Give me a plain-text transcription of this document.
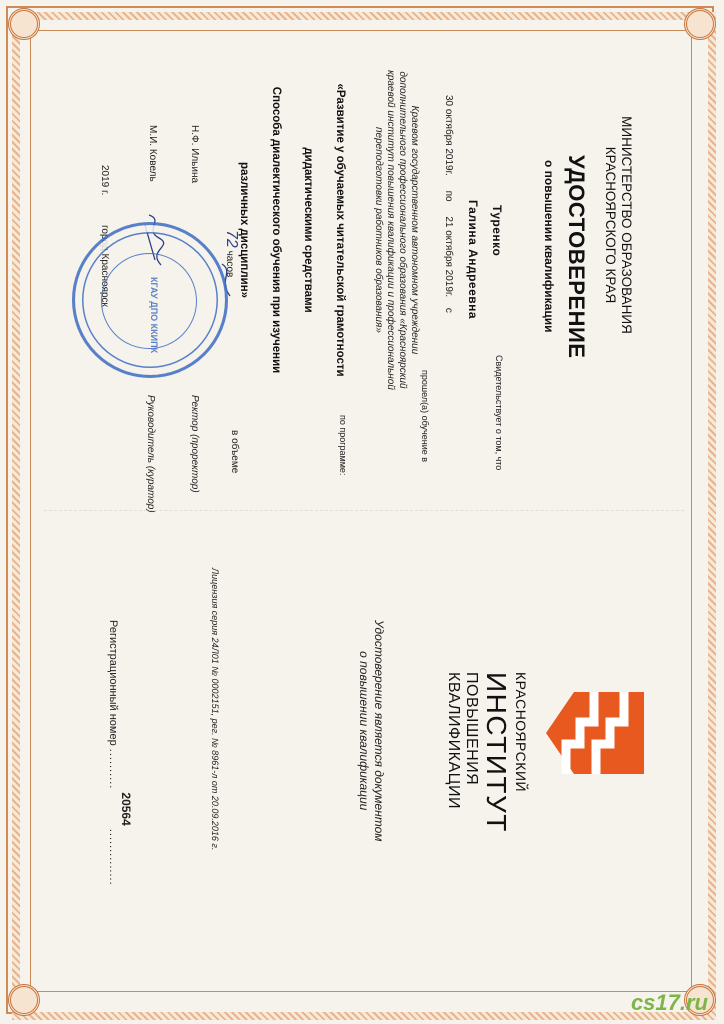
МИНИСТЕРСТВО ОБРАЗОВАНИЯ
КРАСНОЯРСКОГО КРАЯ
УДОСТОВЕРЕНИЕ
о повышении квалификации
Свидетельствует о том, что
Туренко
Галина Андреевна
30 октября 2019г. по 21 октября 2019г. с
прошел(а) обучение в
Краевом государственном автономном учреждении
дополнительного профессионального образования «Красноярский
краевой институт повышения квалификации и профессиональной
переподготовки работников образования»
по программе:
«Развитие у обучаемых читательской грамотности
дидактическими средствами
Способа диалектического обучения при изучении
различных дисциплин»
в объеме
72 часов
Ректор (проректор)
Н.Ф. Ильина
Руководитель (куратор)
М.И. Ковель
2019 г.
город Красноярск
КГАУ ДПО ККИПК
КРАСНОЯРСКИЙ
ИНСТИТУТ
ПОВЫШЕНИЯ
КВАЛИФИКАЦИИ
Удостоверение является документом
о повышении квалификации
Регистрационный номер .......... 20564 ..............
Лицензия серия 24Л01 № 0002151, рег. № 8961-л от 20.09.2016 г.
cs17.ru
